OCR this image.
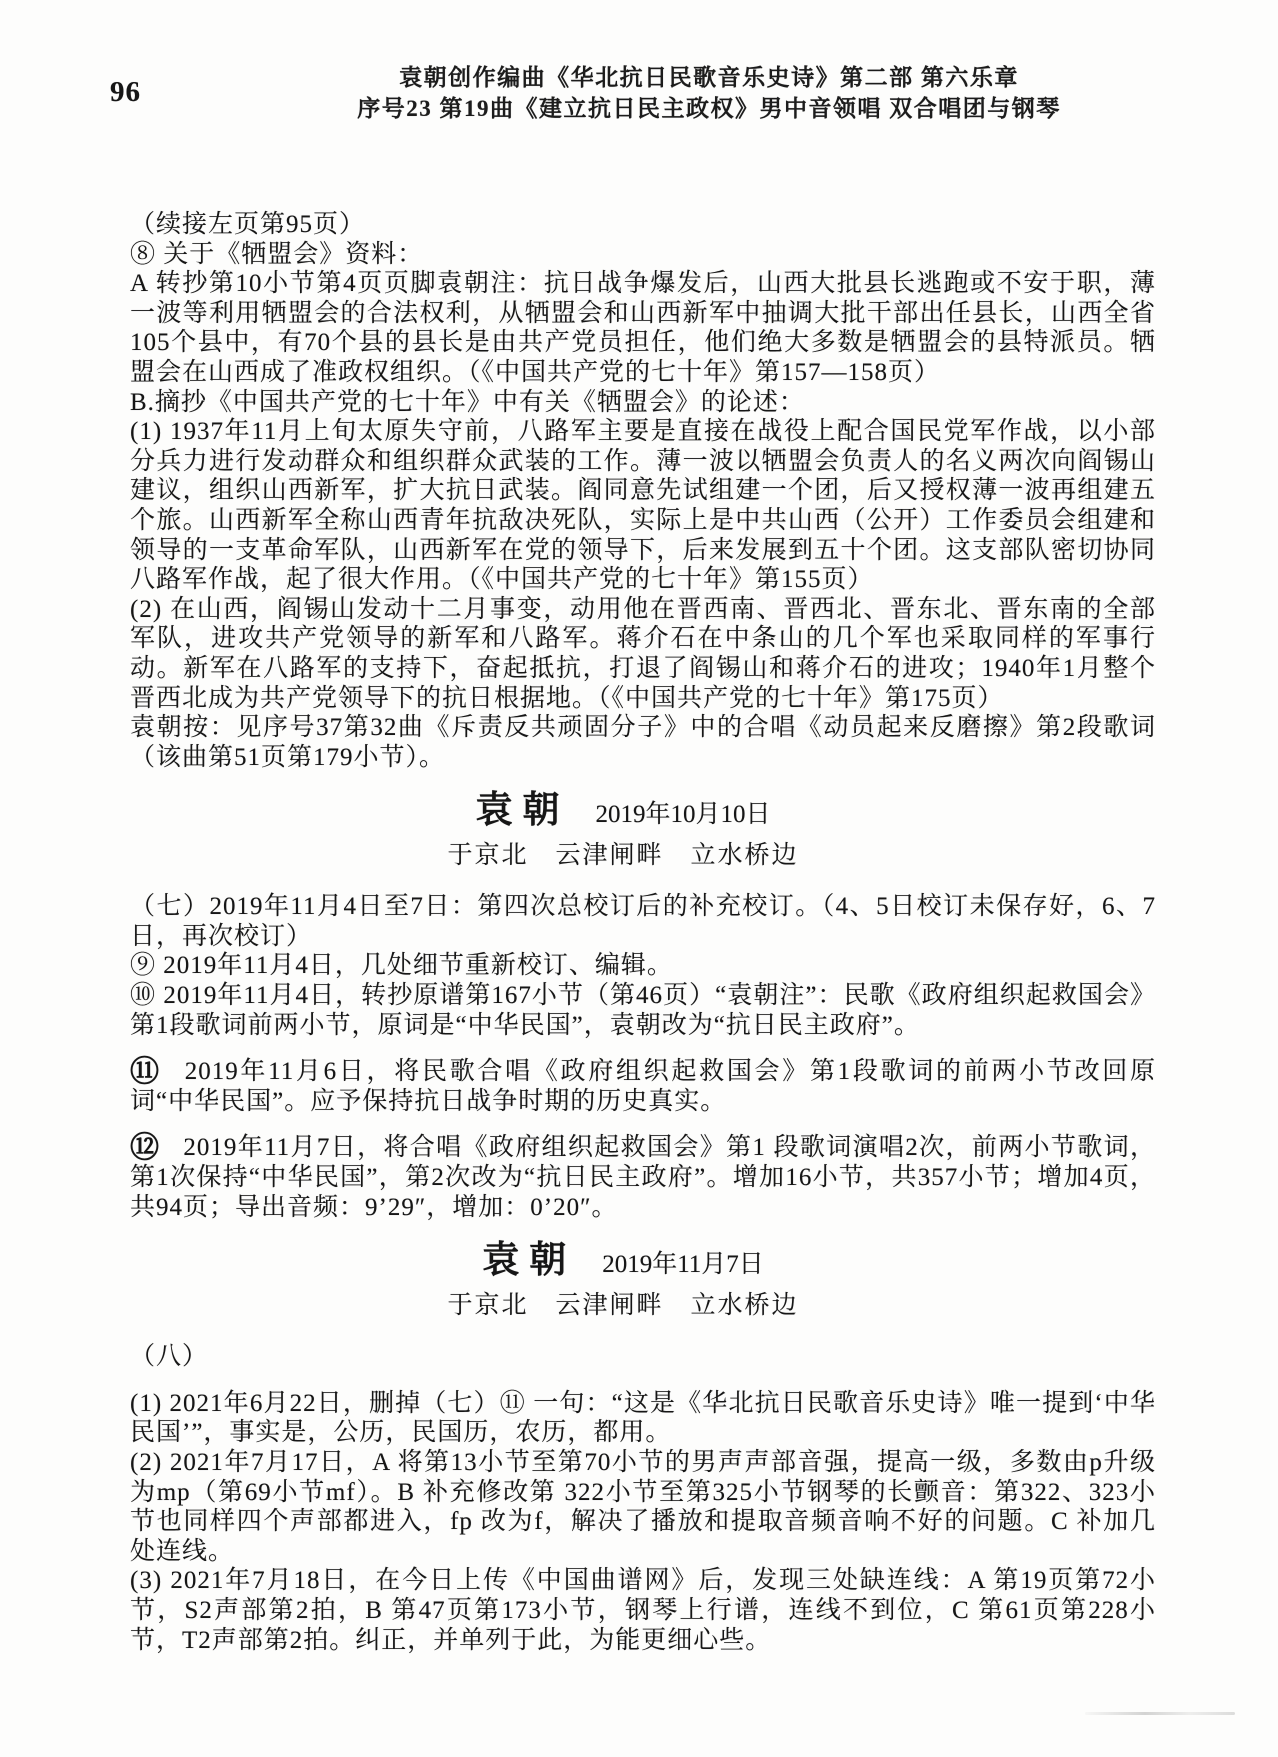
96	袁朝创作编曲《华北抗日民歌音乐史诗》第二部 第六乐章
序号23 第19曲《建立抗日民主政权》男中音领唱 双合唱团与钢琴

（续接左页第95页）

⑧ 关于《牺盟会》资料：

A 转抄第10小节第4页页脚袁朝注：抗日战争爆发后，山西大批县长逃跑或不安于职，薄一波等利用牺盟会的合法权利，从牺盟会和山西新军中抽调大批干部出任县长，山西全省105个县中，有70个县的县长是由共产党员担任，他们绝大多数是牺盟会的县特派员。牺盟会在山西成了准政权组织。（《中国共产党的七十年》第157—158页）

B.摘抄《中国共产党的七十年》中有关《牺盟会》的论述：

(1) 1937年11月上旬太原失守前，八路军主要是直接在战役上配合国民党军作战，以小部分兵力进行发动群众和组织群众武装的工作。薄一波以牺盟会负责人的名义两次向阎锡山建议，组织山西新军，扩大抗日武装。阎同意先试组建一个团，后又授权薄一波再组建五个旅。山西新军全称山西青年抗敌决死队，实际上是中共山西（公开）工作委员会组建和领导的一支革命军队，山西新军在党的领导下，后来发展到五十个团。这支部队密切协同八路军作战，起了很大作用。（《中国共产党的七十年》第155页）

(2) 在山西，阎锡山发动十二月事变，动用他在晋西南、晋西北、晋东北、晋东南的全部军队，进攻共产党领导的新军和八路军。蒋介石在中条山的几个军也采取同样的军事行动。新军在八路军的支持下，奋起抵抗，打退了阎锡山和蒋介石的进攻；1940年1月整个晋西北成为共产党领导下的抗日根据地。（《中国共产党的七十年》第175页）

袁朝按：见序号37第32曲《斥责反共顽固分子》中的合唱《动员起来反磨擦》第2段歌词（该曲第51页第179小节）。

袁朝 2019年10月10日
于京北　云津闸畔　立水桥边

（七）2019年11月4日至7日：第四次总校订后的补充校订。（4、5日校订未保存好，6、7日，再次校订）

⑨ 2019年11月4日，几处细节重新校订、编辑。

⑩ 2019年11月4日，转抄原谱第167小节（第46页）“袁朝注”：民歌《政府组织起救国会》第1段歌词前两小节，原词是“中华民国”，袁朝改为“抗日民主政府”。

⑪ 2019年11月6日，将民歌合唱《政府组织起救国会》第1段歌词的前两小节改回原词“中华民国”。应予保持抗日战争时期的历史真实。

⑫ 2019年11月7日，将合唱《政府组织起救国会》第1 段歌词演唱2次，前两小节歌词，第1次保持“中华民国”，第2次改为“抗日民主政府”。增加16小节，共357小节；增加4页，共94页；导出音频：9’29″，增加：0’20″。

袁朝 2019年11月7日
于京北　云津闸畔　立水桥边

（八）

(1) 2021年6月22日，删掉（七）⑪ 一句：“这是《华北抗日民歌音乐史诗》唯一提到‘中华民国’”，事实是，公历，民国历，农历，都用。

(2) 2021年7月17日，A 将第13小节至第70小节的男声声部音强，提高一级，多数由p升级为mp（第69小节mf）。B 补充修改第 322小节至第325小节钢琴的长颤音：第322、323小节也同样四个声部都进入，fp 改为f，解决了播放和提取音频音响不好的问题。C 补加几处连线。

(3) 2021年7月18日，在今日上传《中国曲谱网》后，发现三处缺连线：A 第19页第72小节，S2声部第2拍，B 第47页第173小节，钢琴上行谱，连线不到位，C 第61页第228小节，T2声部第2拍。纠正，并单列于此，为能更细心些。
